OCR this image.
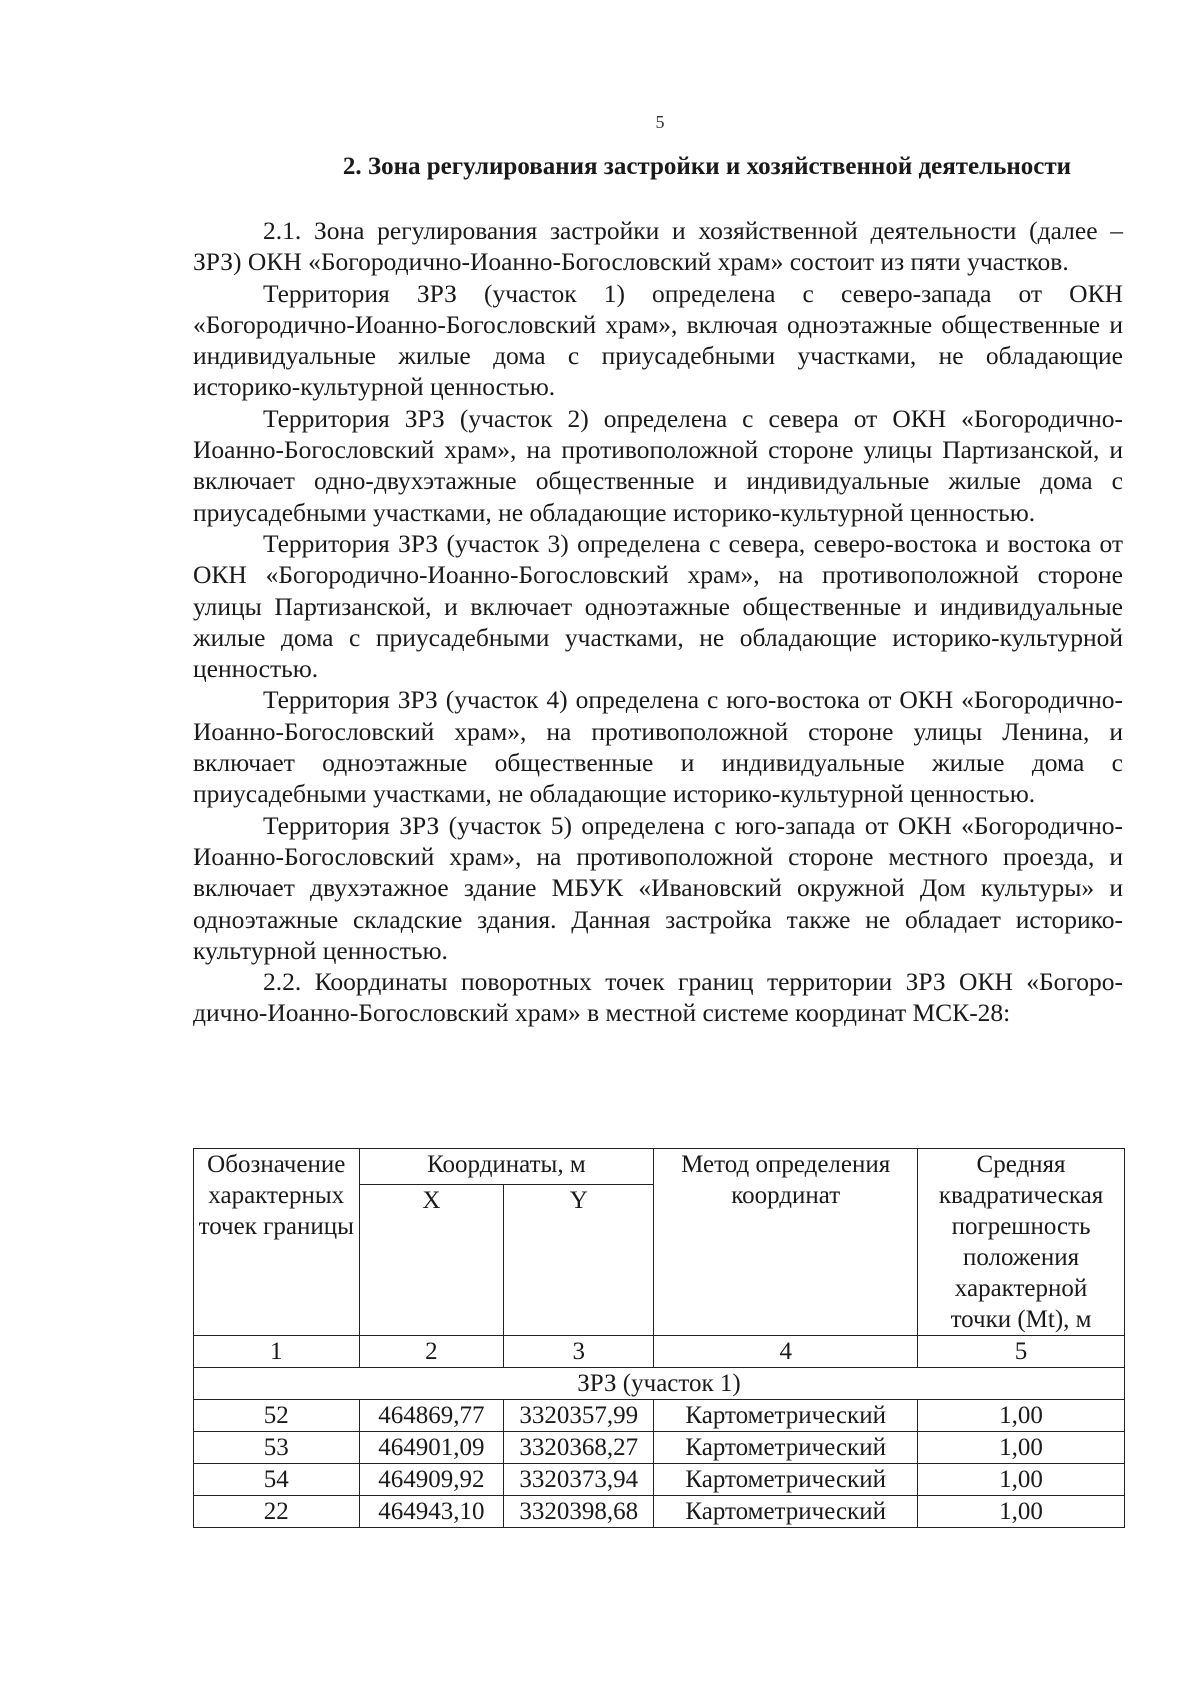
5
2. Зона регулирования застройки и хозяйственной деятельности

2.1. Зона регулирования застройки и хозяйственной деятельности (далее – ЗРЗ) ОКН «Богородично-Иоанно-Богословский храм» состоит из пяти участков.

Территория ЗРЗ (участок 1) определена с северо-запада от ОКН «Богородично-Иоанно-Богословский храм», включая одноэтажные общественные и индивидуальные жилые дома с приусадебными участками, не обладающие историко-культурной ценностью.

Территория ЗРЗ (участок 2) определена с севера от ОКН «Богородично-Иоанно-Богословский храм», на противоположной стороне улицы Партизанской, и включает одно-двухэтажные общественные и индивидуальные жилые дома с приусадебными участками, не обладающие историко-культурной ценностью.

Территория ЗРЗ (участок 3) определена с севера, северо-востока и востока от ОКН «Богородично-Иоанно-Богословский храм», на противоположной стороне улицы Партизанской, и включает одноэтажные общественные и индивидуальные жилые дома с приусадебными участками, не обладающие историко-культурной ценностью.

Территория ЗРЗ (участок 4) определена с юго-востока от ОКН «Богородично-Иоанно-Богословский храм», на противоположной стороне улицы Ленина, и включает одноэтажные общественные и индивидуальные жилые дома с приусадебными участками, не обладающие историко-культурной ценностью.

Территория ЗРЗ (участок 5) определена с юго-запада от ОКН «Богородично-Иоанно-Богословский храм», на противоположной стороне местного проезда, и включает двухэтажное здание МБУК «Ивановский окружной Дом культуры» и одноэтажные складские здания. Данная застройка также не обладает историко-культурной ценностью.

2.2. Координаты поворотных точек границ территории ЗРЗ ОКН «Богоро-дично-Иоанно-Богословский храм» в местной системе координат МСК-28:

Обозначение характерных точек границы	Координаты, м		Метод определения координат	Средняя квадратическая погрешность положения характерной точки (Mt), м
	X	Y		
1	2	3	4	5
ЗРЗ (участок 1)				
52	464869,77	3320357,99	Картометрический	1,00
53	464901,09	3320368,27	Картометрический	1,00
54	464909,92	3320373,94	Картометрический	1,00
22	464943,10	3320398,68	Картометрический	1,00
